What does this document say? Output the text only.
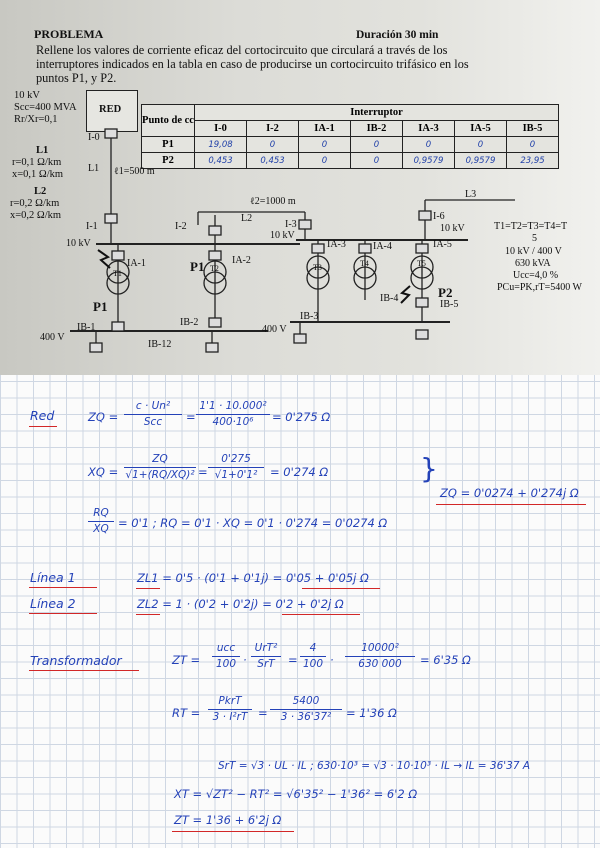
PROBLEMA	Duración 30 min
Rellene los valores de corriente eficaz del cortocircuito que circulará a través de los
interruptores indicados en la tabla en caso de producirse un cortocircuito trifásico en los
puntos P1, y P2.
10 kV
Scc=400 MVA
Rr/Xr=0,1
L1
r=0,1 Ω/km
x=0,1 Ω/km
L2
r=0,2 Ω/km
x=0,2 Ω/km
RED
Punto de cc	Interruptor						
	I-0	I-2	IA-1	IB-2	IA-3	IA-5	IB-5
P1	19,08	0	0	0	0	0	0
P2	0,453	0,453	0	0	0,9579	0,9579	23,95
T1=T2=T3=T4=T
5
10 kV / 400 V
630 kVA
Ucc=4,0 %
PCu=PK,rT=5400 W
I-0
L1 ℓ1=500 m
I-1
10 kV
IA-1
T1
P1
T2
P1	IA-2
I-2
ℓ2=1000 m
L2
I-3
10 kV
IA-3	IA-4	IA-5
T3	T4	T5
L3
I-6
10 kV
P2
IB-4
IB-5
IB-3
400 V
IB-1	IB-2
400 V
IB-12
Red	ZQ =
c · Un²
Scc	= $\frac{\text{1'1 · 10.000²}}{\text{400·10⁶}} = 0'275$ Ω
XQ = $\frac{ZQ}{\text{√1+(RQ/XQ)²}} = \frac{0'275}{\text{√1+0'1²}} = 0'274$ Ω
$\frac{RQ}{XQ} = 0'1$ ; RQ = 0'1 · XQ = 0'1 · 0'274 = 0'0274 Ω
}
ZQ = 0'0274 + 0'274j Ω
Línea 1	ZL1 = 0'5 · (0'1 + 0'1j) = 0'05 + 0'05j Ω
Línea 2	ZL2 = 1 · (0'2 + 0'2j) = 0'2 + 0'2j Ω
Transformador	ZT =
ucc
100 ·
UrT²
SrT	= $\frac{4}{100} \cdot \frac{\text{10000²}}{630 000} = 6'35$ Ω
RT =
PkrT
$3 \cdot I^2rT = \frac{5400}{\text{3 · 36'37²}} = 1'36$ Ω
SrT = √3 · UL · IL ; 630·10³ = √3 · 10·10³ · IL → IL = 36'37 A
XT = √ZT² − RT² = √6'35² − 1'36² = 6'2 Ω
ZT = 1'36 + 6'2j Ω
